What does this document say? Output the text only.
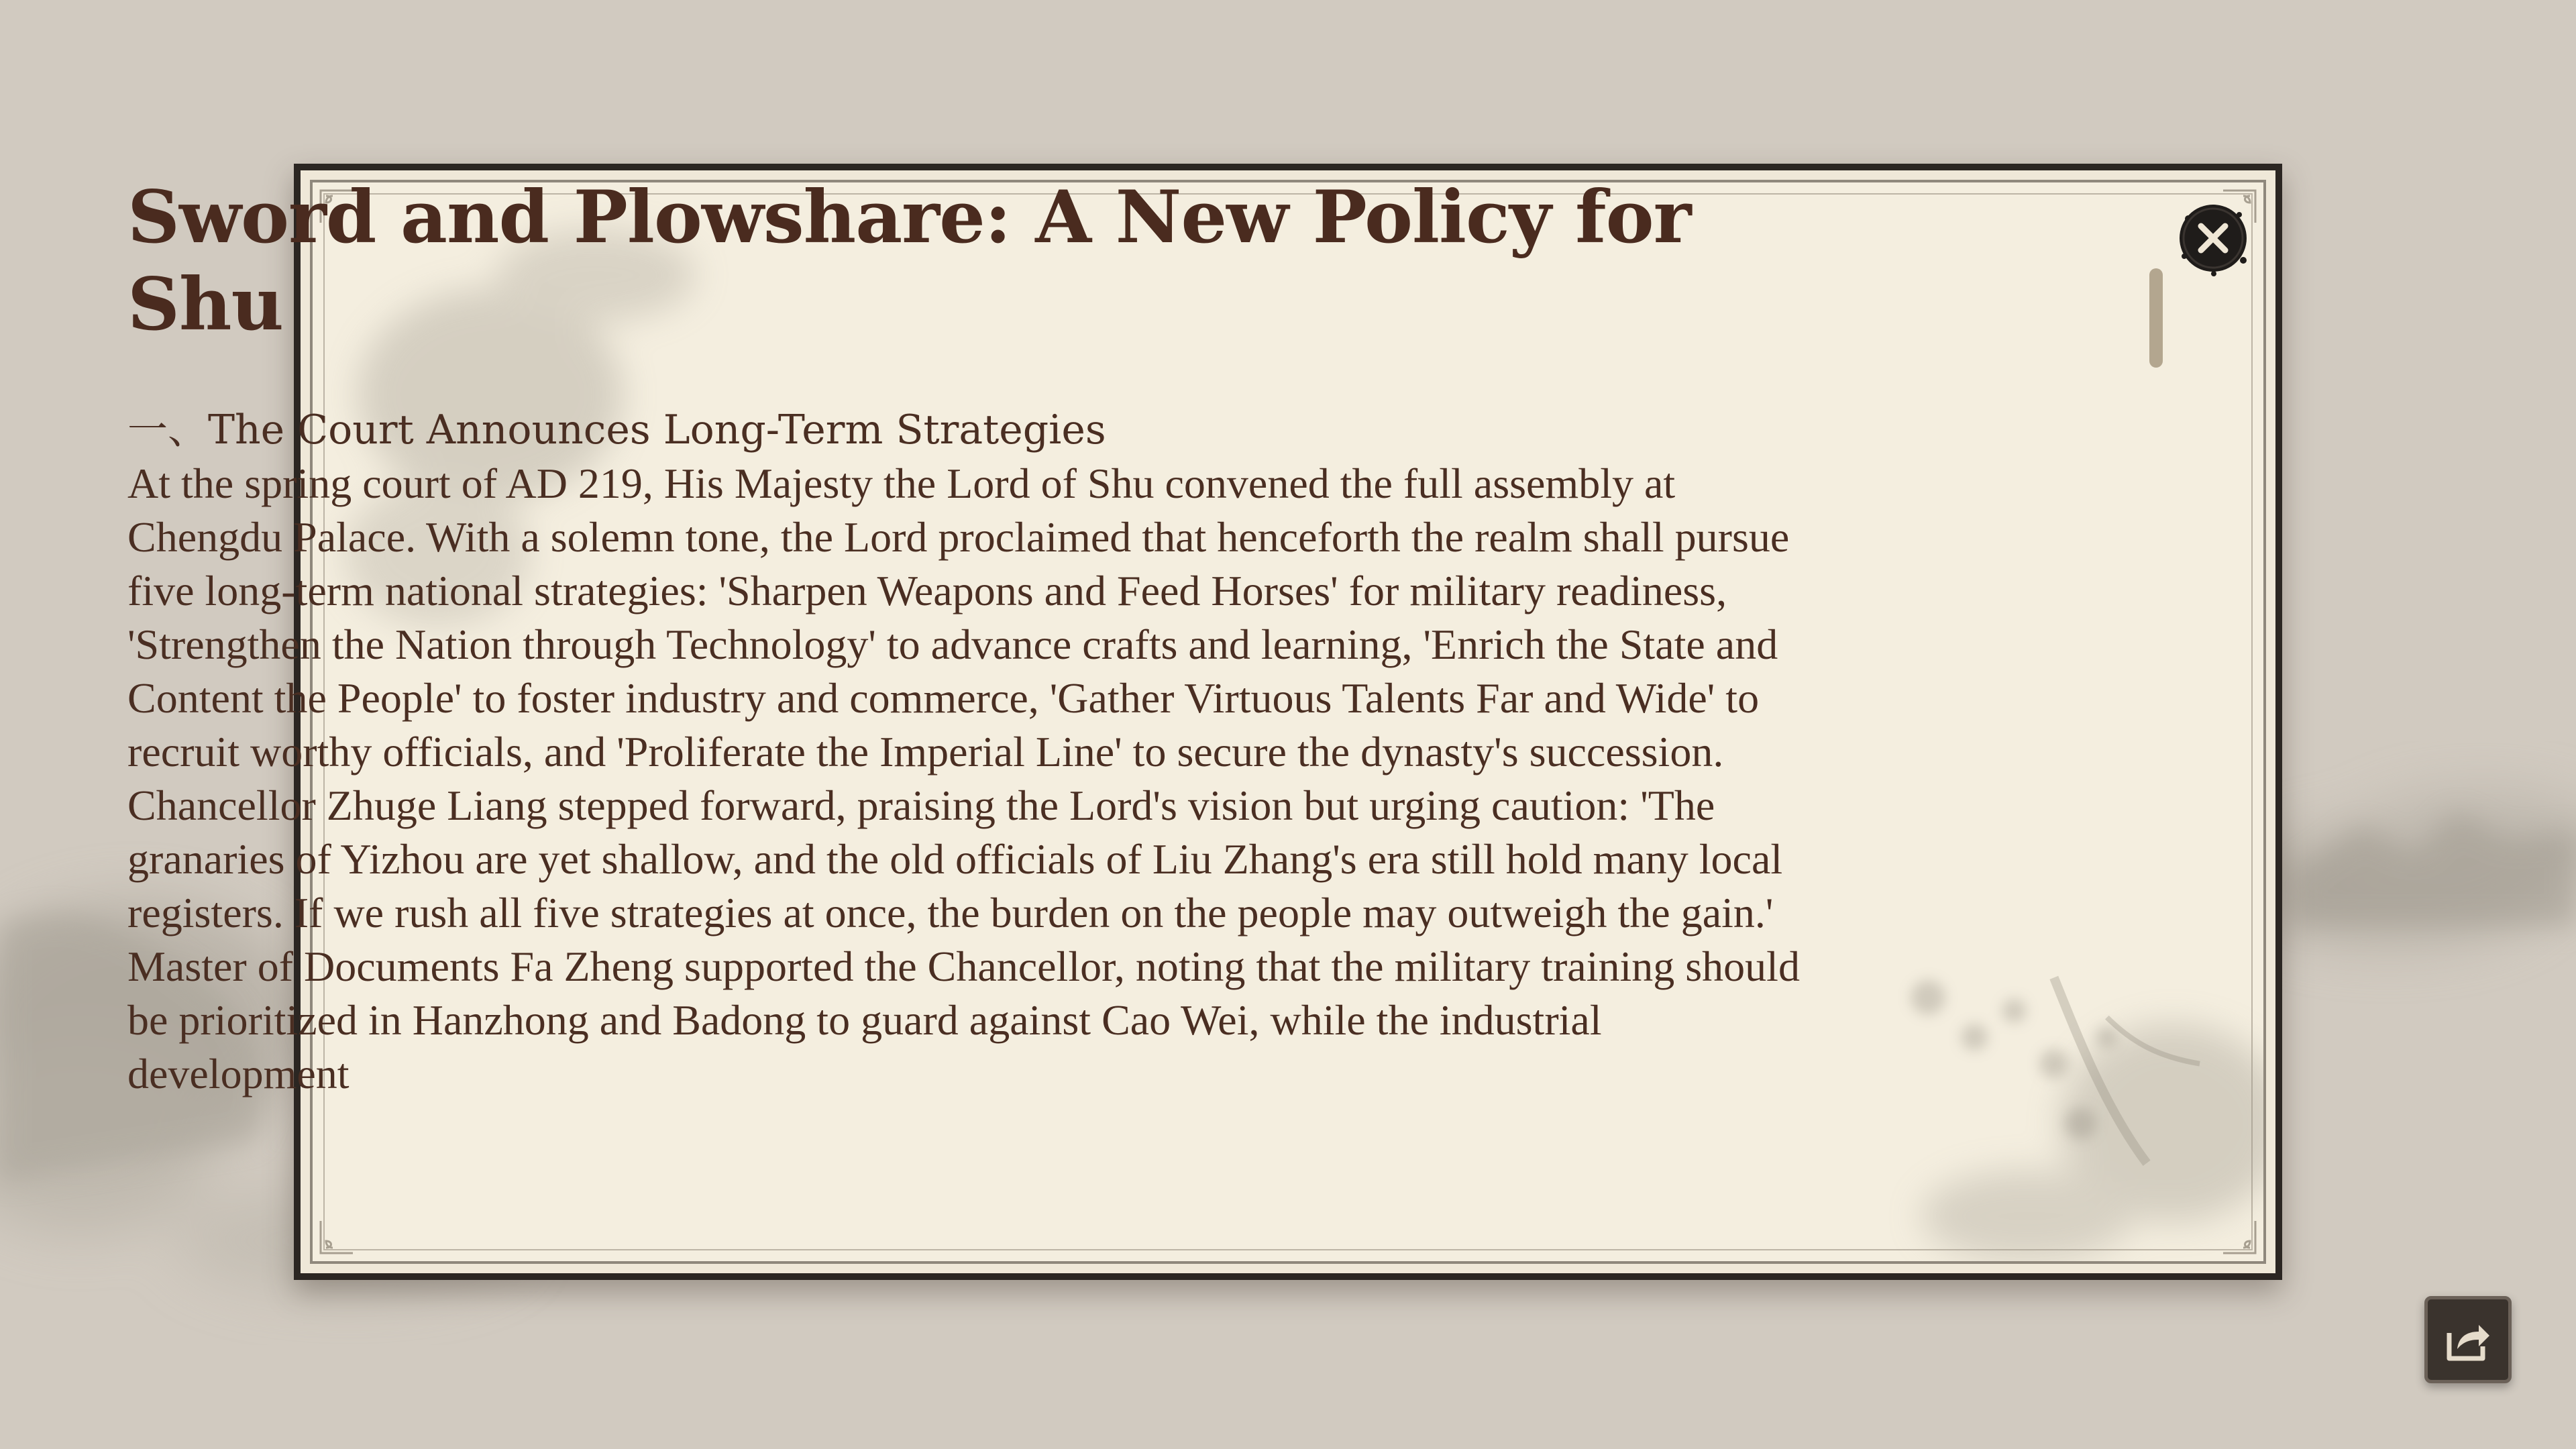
Sword and Plowshare: A New Policy for Shu
一、The Court Announces Long-Term Strategies

At the spring court of AD 219, His Majesty the Lord of Shu convened the full assembly at Chengdu Palace. With a solemn tone, the Lord proclaimed that henceforth the realm shall pursue five long-term national strategies: 'Sharpen Weapons and Feed Horses' for military readiness, 'Strengthen the Nation through Technology' to advance crafts and learning, 'Enrich the State and Content the People' to foster industry and commerce, 'Gather Virtuous Talents Far and Wide' to recruit worthy officials, and 'Proliferate the Imperial Line' to secure the dynasty's succession. Chancellor Zhuge Liang stepped forward, praising the Lord's vision but urging caution: 'The granaries of Yizhou are yet shallow, and the old officials of Liu Zhang's era still hold many local registers. If we rush all five strategies at once, the burden on the people may outweigh the gain.' Master of Documents Fa Zheng supported the Chancellor, noting that the military training should be prioritized in Hanzhong and Badong to guard against Cao Wei, while the industrial development
